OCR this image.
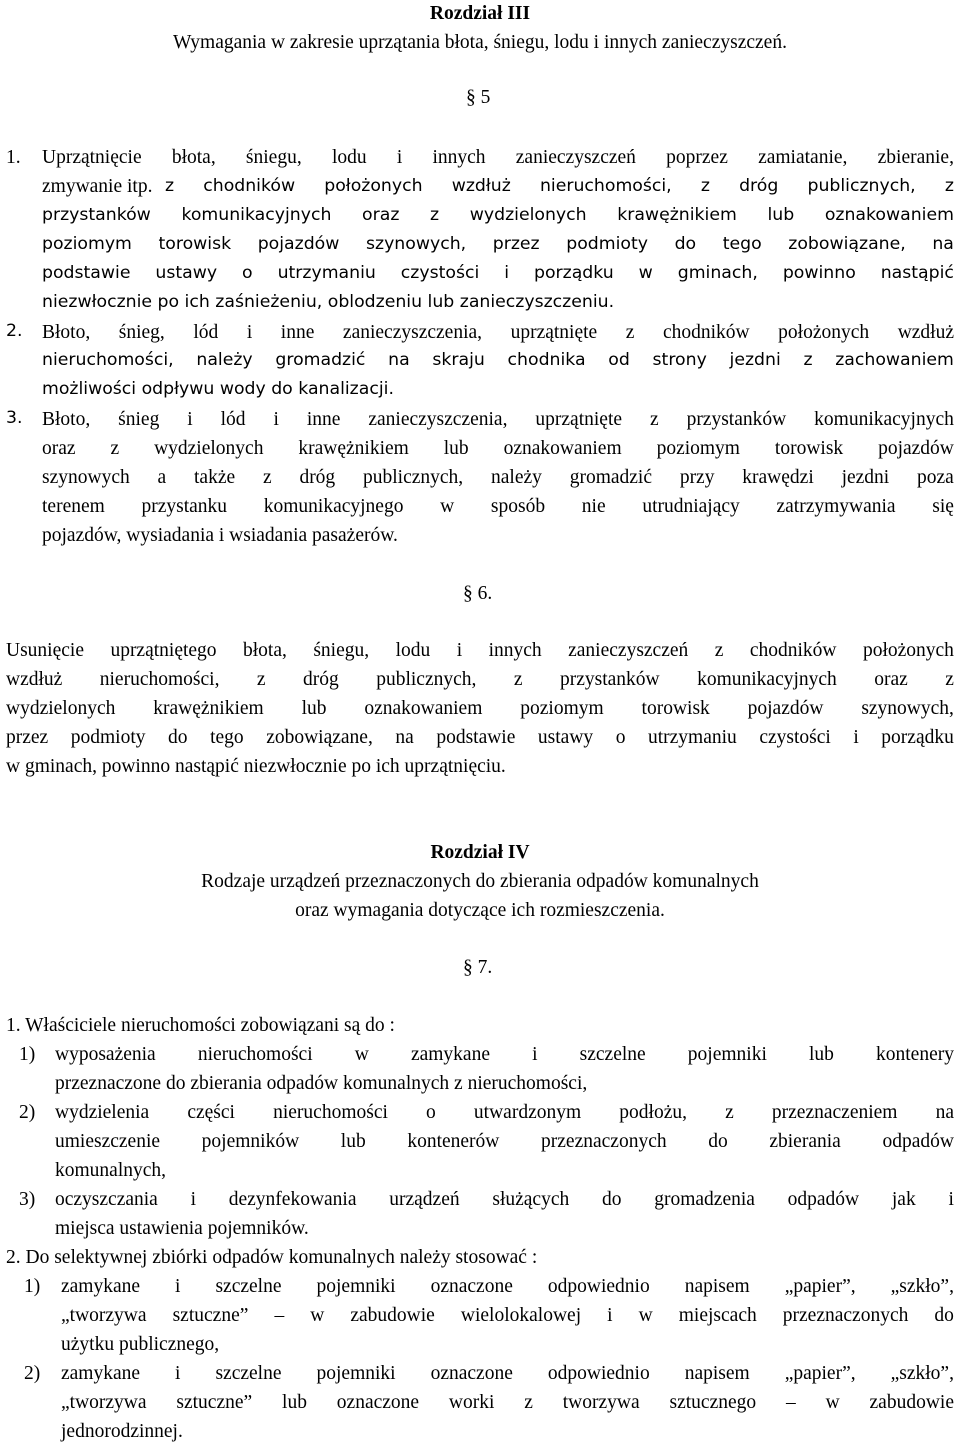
Rozdział III
Wymagania w zakresie uprzątania błota, śniegu, lodu i innych zanieczyszczeń.
§ 5
1. Uprzątnięcie błota, śniegu, lodu i innych zanieczyszczeń poprzez zamiatanie, zbieranie,
zmywanie itp. z chodników położonych wzdłuż nieruchomości, z dróg publicznych, z
przystanków komunikacyjnych oraz z wydzielonych krawężnikiem lub oznakowaniem
poziomym torowisk pojazdów szynowych, przez podmioty do tego zobowiązane, na
podstawie ustawy o utrzymaniu czystości i porządku w gminach, powinno nastąpić
niezwłocznie po ich zaśnieżeniu, oblodzeniu lub zanieczyszczeniu.
2. Błoto, śnieg, lód i inne zanieczyszczenia, uprzątnięte z chodników położonych wzdłuż
nieruchomości, należy gromadzić na skraju chodnika od strony jezdni z zachowaniem
możliwości odpływu wody do kanalizacji.
3. Błoto, śnieg i lód i inne zanieczyszczenia, uprzątnięte z przystanków komunikacyjnych
oraz z wydzielonych krawężnikiem lub oznakowaniem poziomym torowisk pojazdów
szynowych a także z dróg publicznych, należy gromadzić przy krawędzi jezdni poza
terenem przystanku komunikacyjnego w sposób nie utrudniający zatrzymywania się
pojazdów, wysiadania i wsiadania pasażerów.
§ 6.
Usunięcie uprzątniętego błota, śniegu, lodu i innych zanieczyszczeń z chodników położonych
wzdłuż nieruchomości, z dróg publicznych, z przystanków komunikacyjnych oraz z
wydzielonych krawężnikiem lub oznakowaniem poziomym torowisk pojazdów szynowych,
przez podmioty do tego zobowiązane, na podstawie ustawy o utrzymaniu czystości i porządku
w gminach, powinno nastąpić niezwłocznie po ich uprzątnięciu.
Rozdział IV
Rodzaje urządzeń przeznaczonych do zbierania odpadów komunalnych
oraz wymagania dotyczące ich rozmieszczenia.
§ 7.
1. Właściciele nieruchomości zobowiązani są do :
1) wyposażenia nieruchomości w zamykane i szczelne pojemniki lub kontenery
przeznaczone do zbierania odpadów komunalnych z nieruchomości,
2) wydzielenia części nieruchomości o utwardzonym podłożu, z przeznaczeniem na
umieszczenie pojemników lub kontenerów przeznaczonych do zbierania odpadów
komunalnych,
3) oczyszczania i dezynfekowania urządzeń służących do gromadzenia odpadów jak i
miejsca ustawienia pojemników.
2. Do selektywnej zbiórki odpadów komunalnych należy stosować :
1) zamykane i szczelne pojemniki oznaczone odpowiednio napisem „papier”, „szkło”,
„tworzywa sztuczne” – w zabudowie wielolokalowej i w miejscach przeznaczonych do
użytku publicznego,
2) zamykane i szczelne pojemniki oznaczone odpowiednio napisem „papier”, „szkło”,
„tworzywa sztuczne” lub oznaczone worki z tworzywa sztucznego – w zabudowie
jednorodzinnej.
